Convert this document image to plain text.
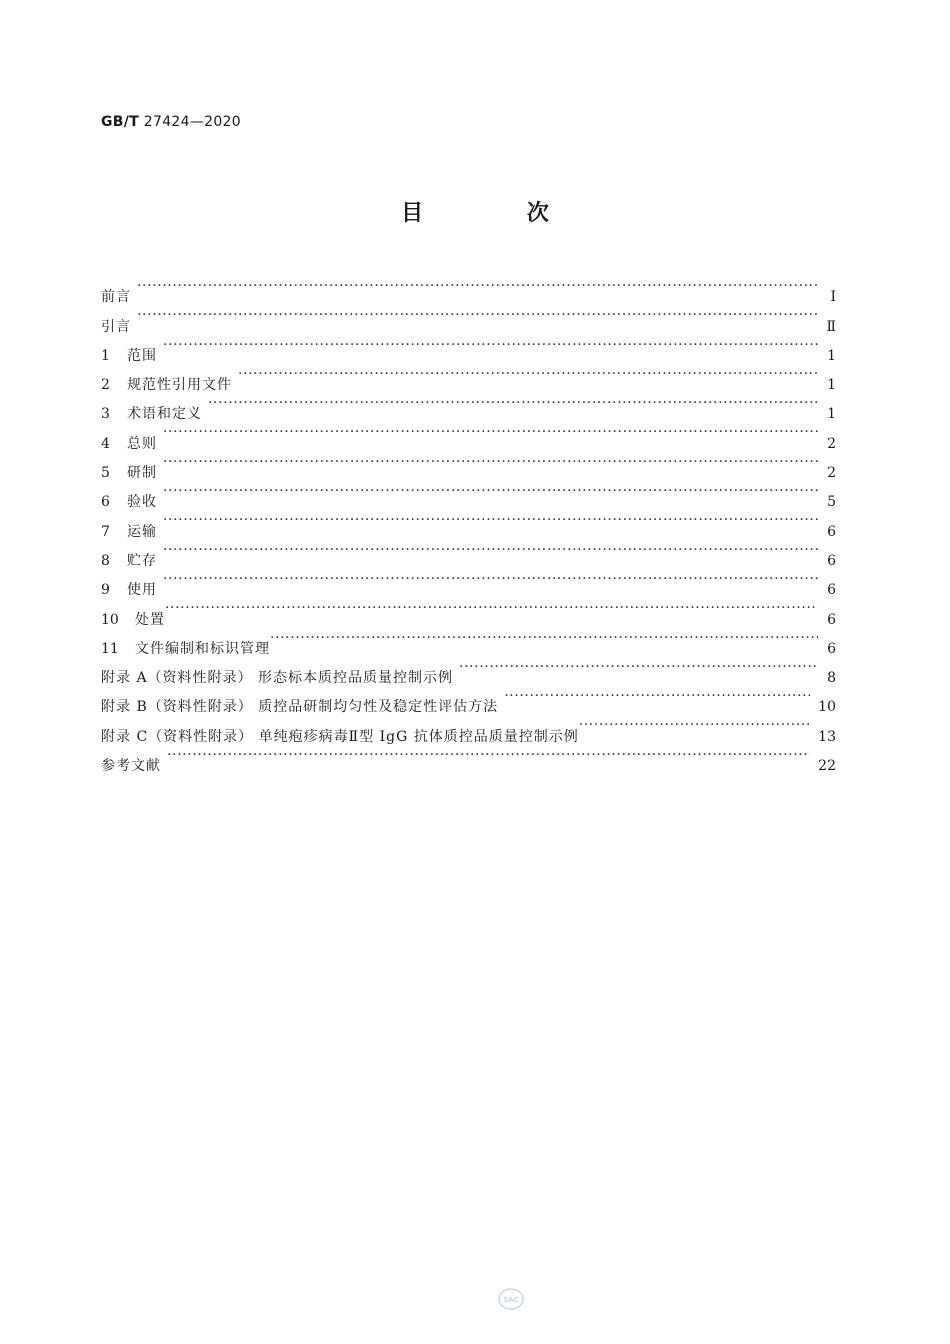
GB/T 27424—2020
目 次
前言 ·····	Ⅰ
引言 ·····	Ⅱ
1	范围 ·····	1
2	规范性引用文件 ·····	1
3	术语和定义 ·····	1
4	总则 ·····	2
5	研制 ·····	2
6	验收 ·····	5
7	运输 ·····	6
8	贮存 ·····	6
9	使用 ·····	6
10	处置 ·····	6
11	文件编制和标识管理 ·····	6
附录 A（资料性附录） 形态标本质控品质量控制示例 ·····	8
附录 B（资料性附录） 质控品研制均匀性及稳定性评估方法 ·····	10
附录 C（资料性附录） 单纯疱疹病毒Ⅱ型 IgG 抗体质控品质量控制示例 ·····	13
参考文献 ·····	22
SAC
